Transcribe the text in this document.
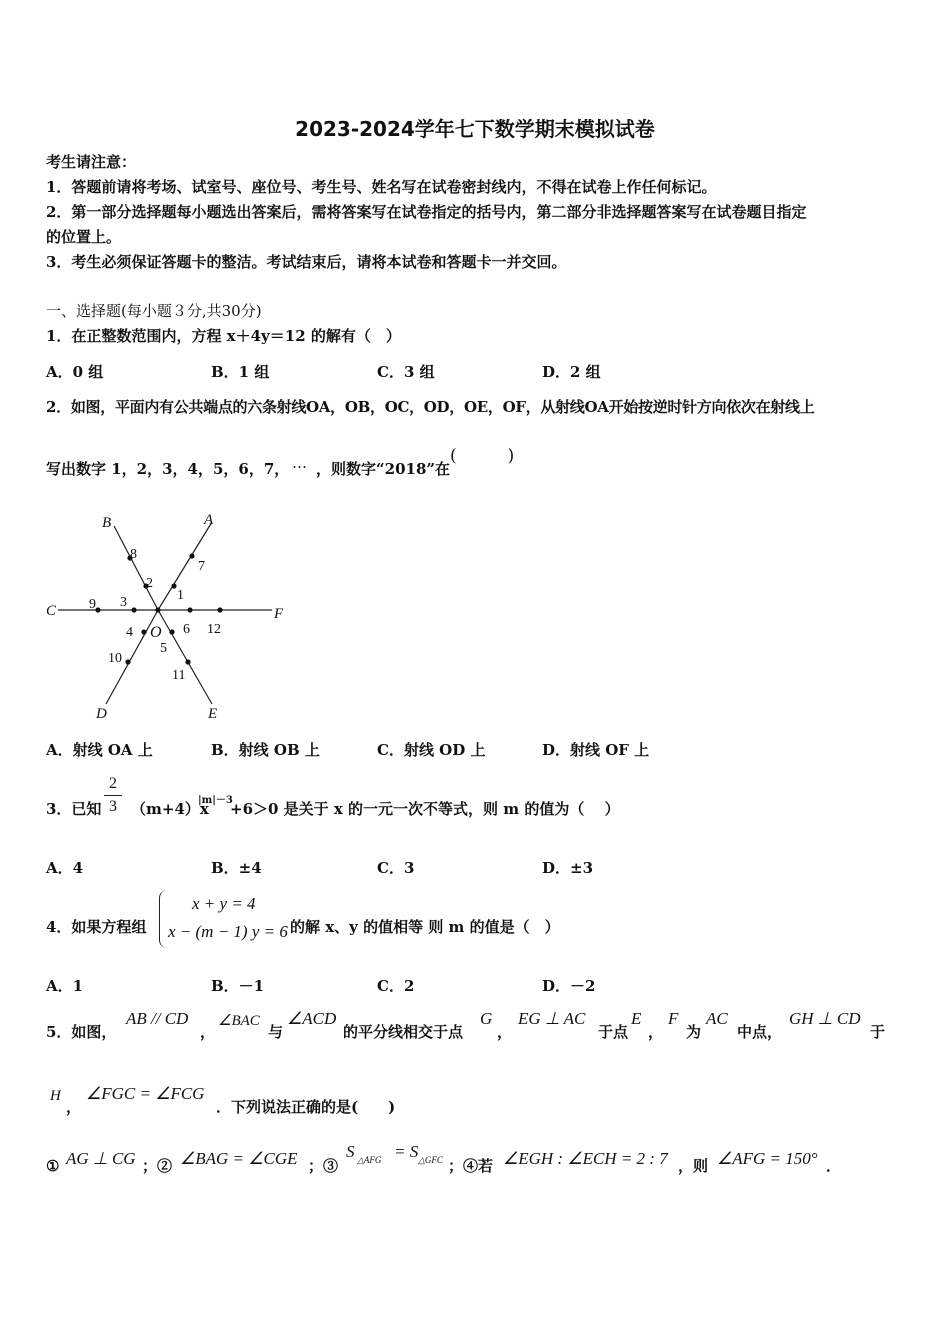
2023-2024学年七下数学期末模拟试卷
考生请注意：
1．答题前请将考场、试室号、座位号、考生号、姓名写在试卷密封线内，不得在试卷上作任何标记。
2．第一部分选择题每小题选出答案后，需将答案写在试卷指定的括号内，第二部分非选择题答案写在试卷题目指定
的位置上。
3．考生必须保证答题卡的整洁。考试结束后，请将本试卷和答题卡一并交回。
一、选择题(每小题３分,共30分)
1．在正整数范围内，方程 x＋4y＝12 的解有（　）
A．0 组	B．1 组	C．3 组	D．2 组
2．如图，平面内有公共端点的六条射线OA，OB，OC，OD，OE，OF，从射线OA开始按逆时针方向依次在射线上
写出数字 1，2，3，4，5，6，7， … ，则数字“2018”在
(　　　)
A
B
C
D	E
F
O
1
2
3
4
5
6
7
8
9
10
11
12
A．射线 OA 上	B．射线 OB 上	C．射线 OD 上	D．射线 OF 上
3．已知
2
3 （m+4）x
|m|－3
+6＞0 是关于 x 的一元一次不等式，则 m 的值为（　 ）
A．4	B．±4	C．3	D．±3
4．如果方程组
x + y = 4
x − (m − 1) y = 6 的解 x、y 的值相等 则 m 的值是（　）
A．1	B．－1	C．2	D．－2
5．如图，
AB // CD
，
∠BAC
与
∠ACD
的平分线相交于点
G
，
EG ⊥ AC
于点
E
，
F
为
AC
中点，
GH ⊥ CD
于
H
，
∠FGC = ∠FCG
．下列说法正确的是(　　)
① AG ⊥ CG ；② ∠BAG = ∠CGE ；③
S △AFG = S △GFC ；④若 ∠EGH : ∠ECH = 2 : 7 ，则 ∠AFG = 150° ．
